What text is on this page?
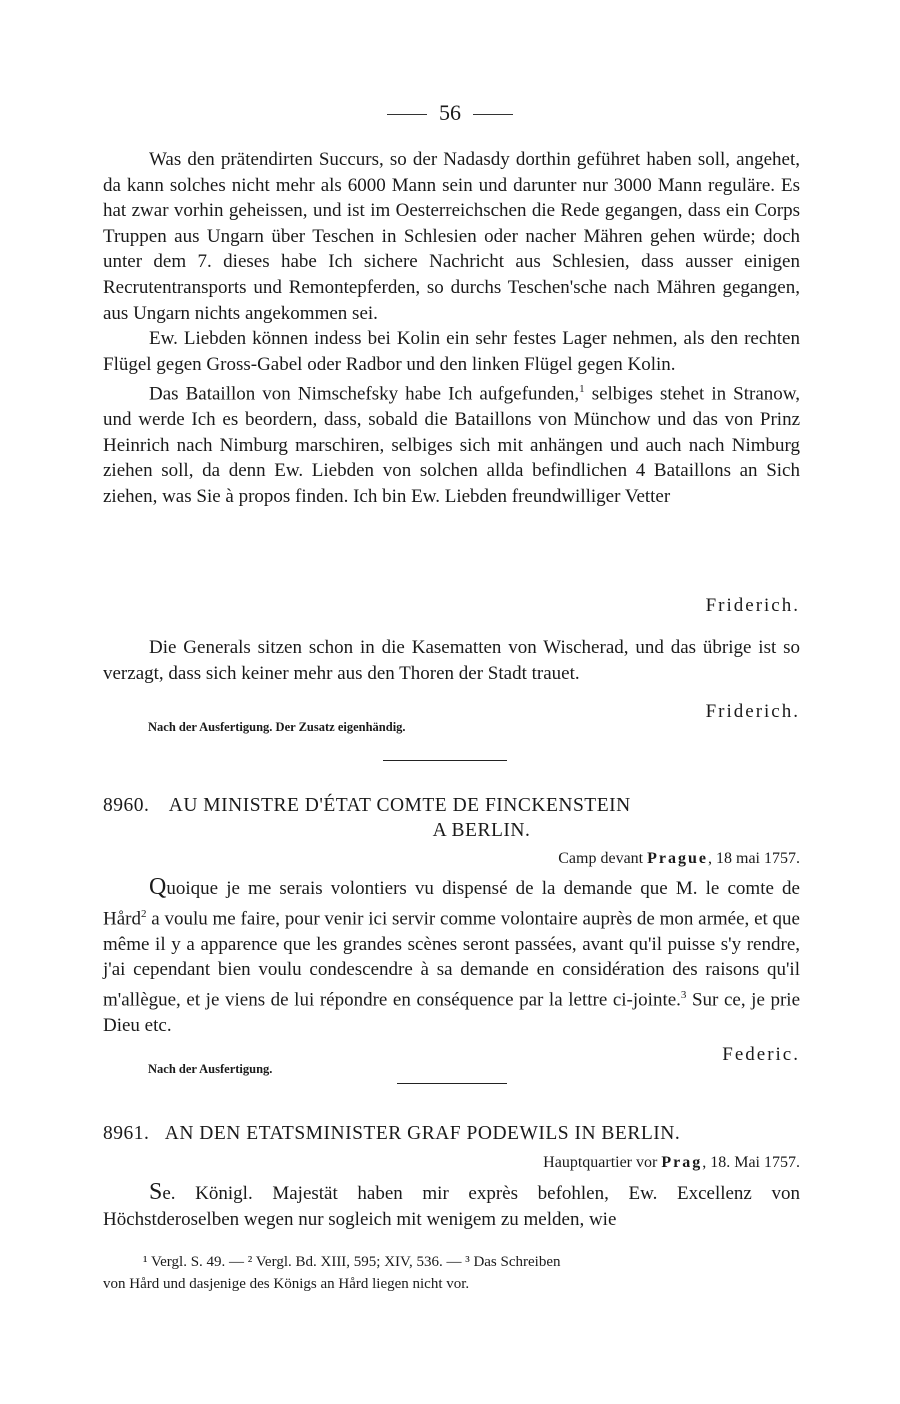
56

Was den prätendirten Succurs, so der Nadasdy dorthin geführet haben soll, angehet, da kann solches nicht mehr als 6000 Mann sein und darunter nur 3000 Mann reguläre. Es hat zwar vorhin geheissen, und ist im Oesterreichschen die Rede gegangen, dass ein Corps Truppen aus Ungarn über Teschen in Schlesien oder nacher Mähren gehen würde; doch unter dem 7. dieses habe Ich sichere Nachricht aus Schlesien, dass ausser einigen Recrutentransports und Remontepferden, so durchs Teschen'sche nach Mähren gegangen, aus Ungarn nichts angekommen sei.

Ew. Liebden können indess bei Kolin ein sehr festes Lager nehmen, als den rechten Flügel gegen Gross-Gabel oder Radbor und den linken Flügel gegen Kolin.

Das Bataillon von Nimschefsky habe Ich aufgefunden,$^1$ selbiges stehet in Stranow, und werde Ich es beordern, dass, sobald die Bataillons von Münchow und das von Prinz Heinrich nach Nimburg marschiren, selbiges sich mit anhängen und auch nach Nimburg ziehen soll, da denn Ew. Liebden von solchen allda befindlichen 4 Bataillons an Sich ziehen, was Sie à propos finden. Ich bin Ew. Liebden freundwilliger Vetter

Friderich.

Die Generals sitzen schon in die Kasematten von Wischerad, und das übrige ist so verzagt, dass sich keiner mehr aus den Thoren der Stadt trauet.

Friderich.
Nach der Ausfertigung. Der Zusatz eigenhändig.
8960. AU MINISTRE D'ÉTAT COMTE DE FINCKENSTEIN
A BERLIN.
Camp devant Prague, 18 mai 1757.

Quoique je me serais volontiers vu dispensé de la demande que M. le comte de Hård$^2$ a voulu me faire, pour venir ici servir comme volontaire auprès de mon armée, et que même il y a apparence que les grandes scènes seront passées, avant qu'il puisse s'y rendre, j'ai cependant bien voulu condescendre à sa demande en considération des raisons qu'il m'allègue, et je viens de lui répondre en conséquence par la lettre ci-jointe.$^3$ Sur ce, je prie Dieu etc.

Federic.
Nach der Ausfertigung.
8961. AN DEN ETATSMINISTER GRAF PODEWILS IN BERLIN.
Hauptquartier vor Prag, 18. Mai 1757.

Se. Königl. Majestät haben mir exprès befohlen, Ew. Excellenz von Höchstderoselben wegen nur sogleich mit wenigem zu melden, wie

¹ Vergl. S. 49. — ² Vergl. Bd. XIII, 595; XIV, 536. — ³ Das Schreiben

von Hård und dasjenige des Königs an Hård liegen nicht vor.
